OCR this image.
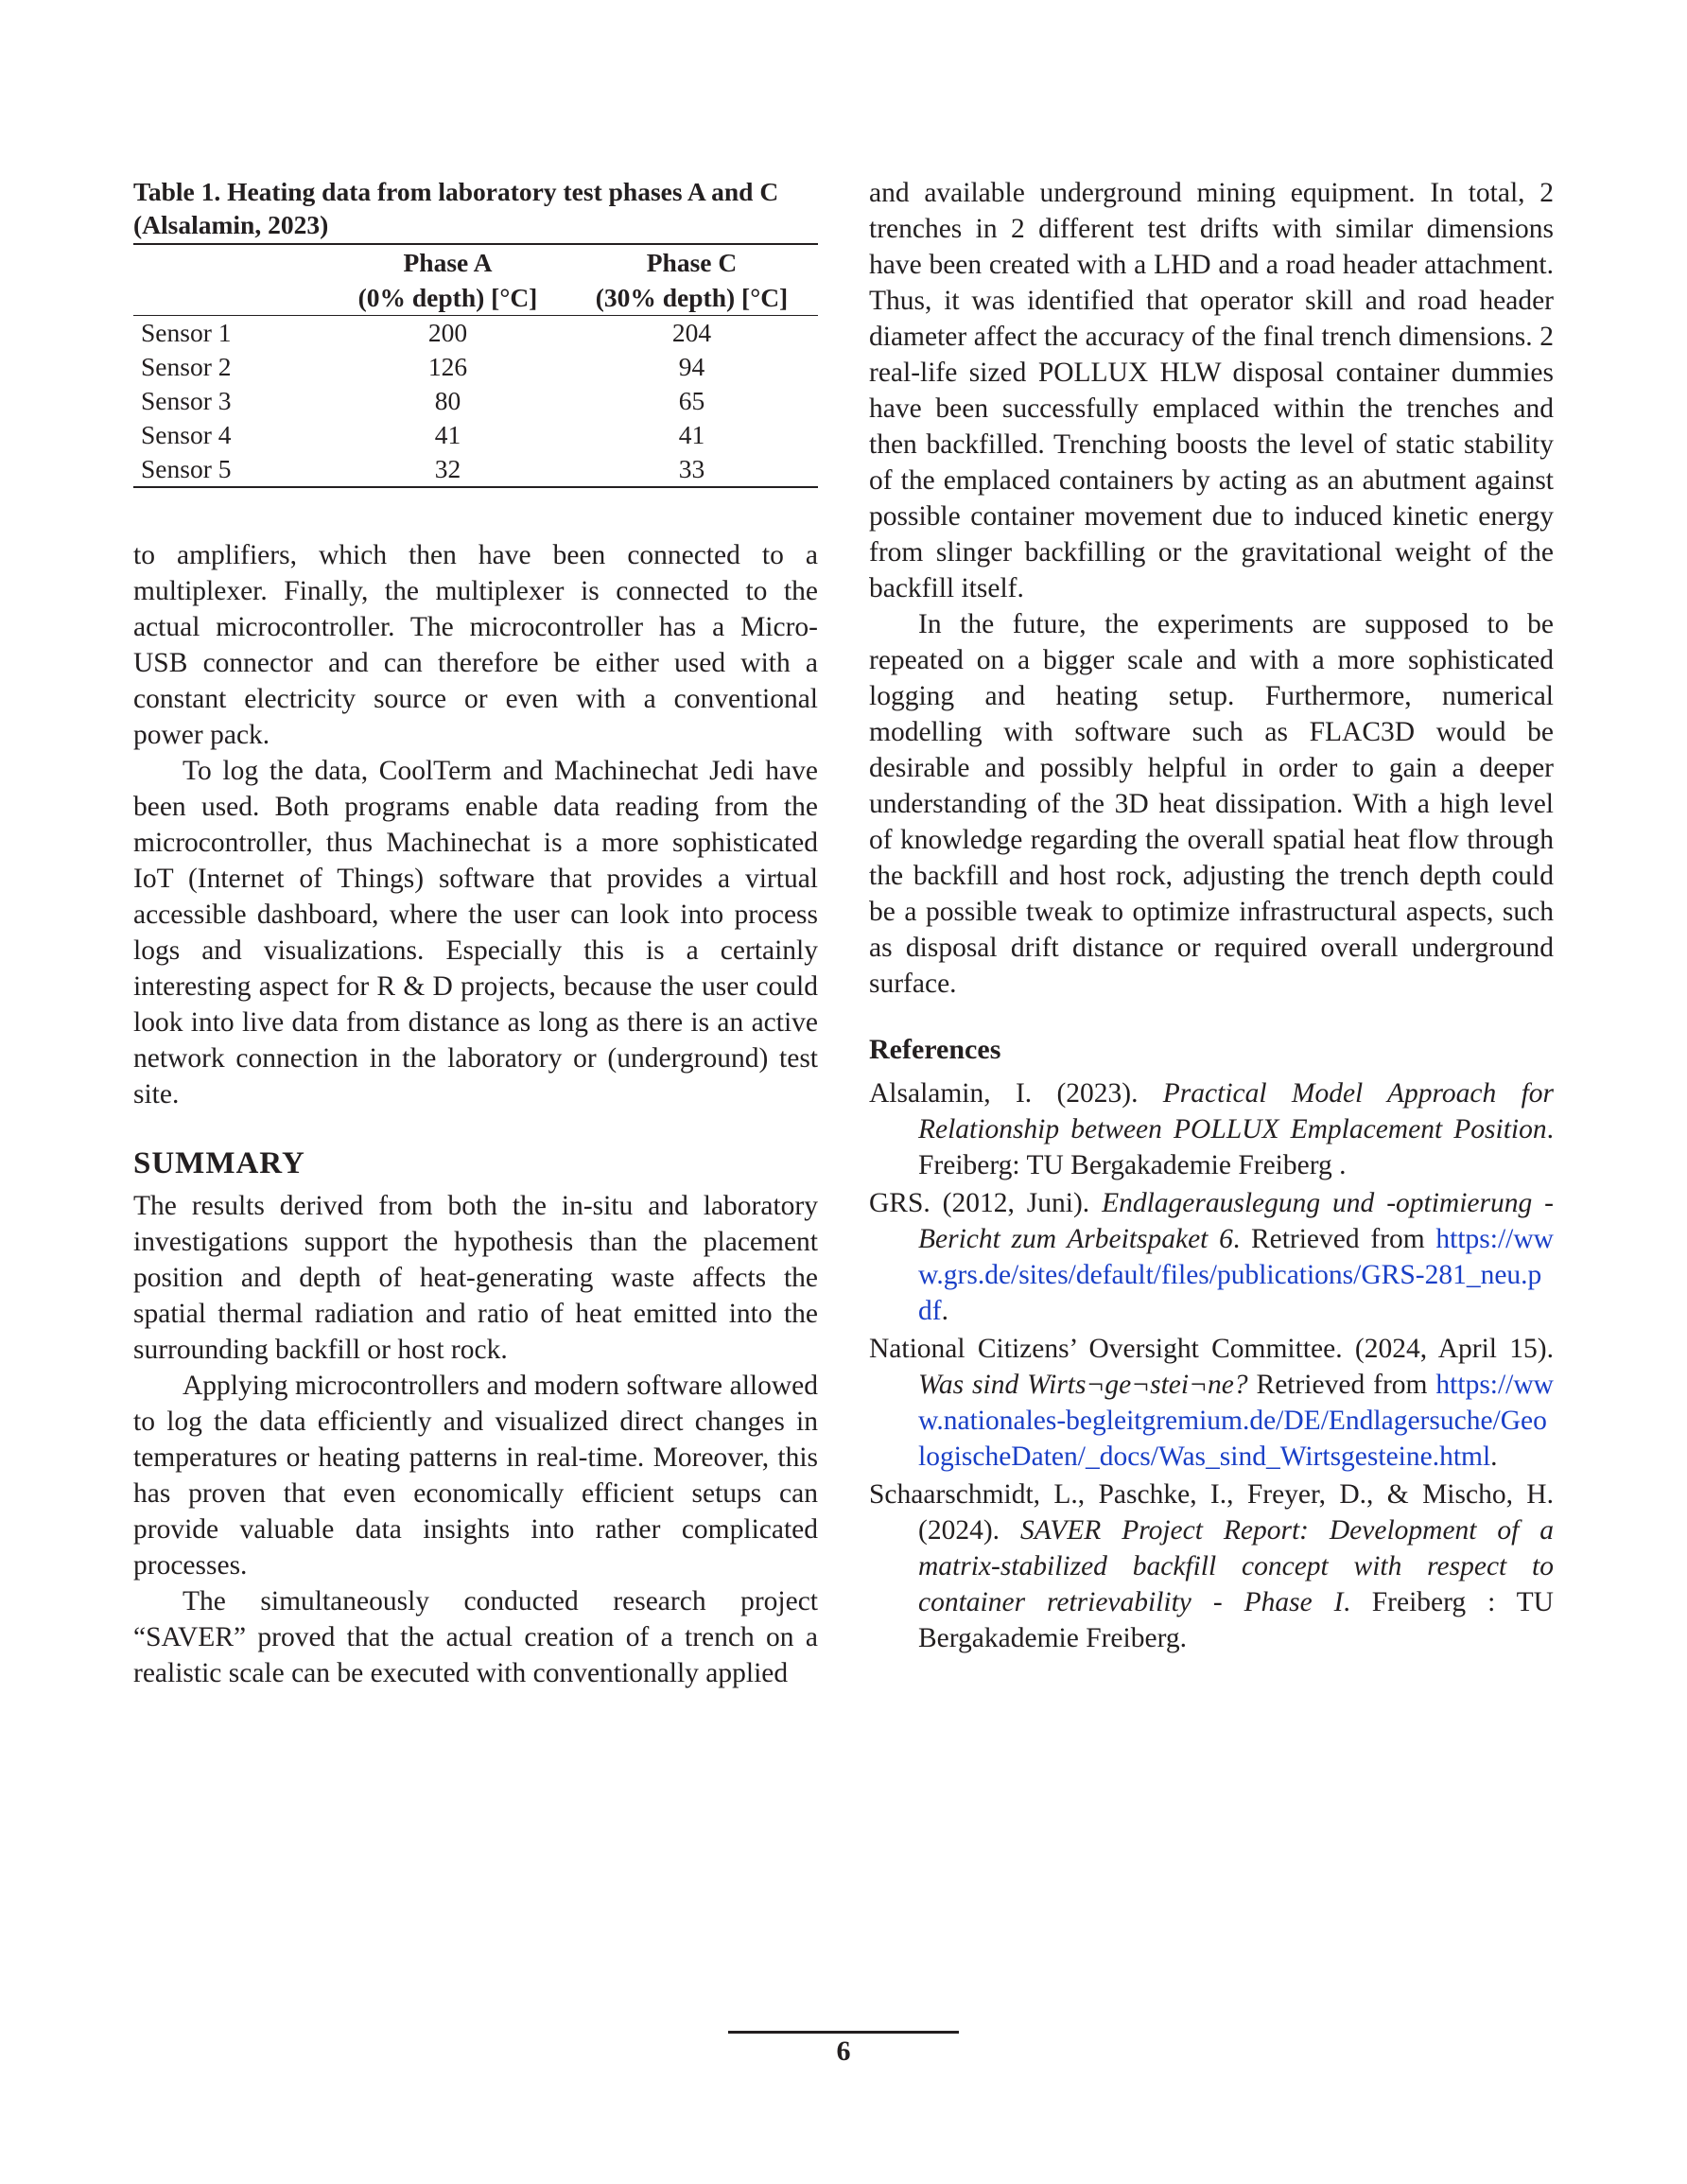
Table 1. Heating data from laboratory test phases A and C (Alsalamin, 2023)
	Phase A	Phase C
	(0% depth) [°C]	(30% depth) [°C]
Sensor 1	200	204
Sensor 2	126	94
Sensor 3	80	65
Sensor 4	41	41
Sensor 5	32	33

to amplifiers, which then have been connected to a multiplexer. Finally, the multiplexer is connected to the actual microcontroller. The microcontroller has a Micro-USB connector and can therefore be either used with a constant electricity source or even with a conventional power pack.

To log the data, CoolTerm and Machinechat Jedi have been used. Both programs enable data reading from the microcontroller, thus Machinechat is a more sophisticated IoT (Internet of Things) software that provides a virtual accessible dashboard, where the user can look into process logs and visualizations. Especially this is a certainly interesting aspect for R & D projects, because the user could look into live data from distance as long as there is an active network connection in the laboratory or (underground) test site.

SUMMARY

The results derived from both the in-situ and laboratory investigations support the hypothesis than the placement position and depth of heat-generating waste affects the spatial thermal radiation and ratio of heat emitted into the surrounding backfill or host rock.

Applying microcontrollers and modern software allowed to log the data efficiently and visualized direct changes in temperatures or heating patterns in real-time. Moreover, this has proven that even economically efficient setups can provide valuable data insights into rather complicated processes.

The simultaneously conducted research project “SAVER” proved that the actual creation of a trench on a realistic scale can be executed with conventionally applied

and available underground mining equipment. In total, 2 trenches in 2 different test drifts with similar dimensions have been created with a LHD and a road header attachment. Thus, it was identified that operator skill and road header diameter affect the accuracy of the final trench dimensions. 2 real-life sized POLLUX HLW disposal container dummies have been successfully emplaced within the trenches and then backfilled. Trenching boosts the level of static stability of the emplaced containers by acting as an abutment against possible container movement due to induced kinetic energy from slinger backfilling or the gravitational weight of the backfill itself.

In the future, the experiments are supposed to be repeated on a bigger scale and with a more sophisticated logging and heating setup. Furthermore, numerical modelling with software such as FLAC3D would be desirable and possibly helpful in order to gain a deeper understanding of the 3D heat dissipation. With a high level of knowledge regarding the overall spatial heat flow through the backfill and host rock, adjusting the trench depth could be a possible tweak to optimize infrastructural aspects, such as disposal drift distance or required overall underground surface.

References
Alsalamin, I. (2023). Practical Model Approach for Relationship between POLLUX Emplacement Position. Freiberg: TU Bergakademie Freiberg .
GRS. (2012, Juni). Endlagerauslegung und -optimierung - Bericht zum Arbeitspaket 6. Retrieved from https://www.grs.de/sites/default/files/publications/GRS-281_neu.pdf.
National Citizens’ Oversight Committee. (2024, April 15). Was sind Wirts¬ge¬stei¬ne? Retrieved from https://www.nationales-begleitgremium.de/DE/Endlagersuche/GeologischeDaten/_docs/Was_sind_Wirtsgesteine.html.
Schaarschmidt, L., Paschke, I., Freyer, D., & Mischo, H. (2024). SAVER Project Report: Development of a matrix-stabilized backfill concept with respect to container retrievability - Phase I. Freiberg : TU Bergakademie Freiberg.
6
